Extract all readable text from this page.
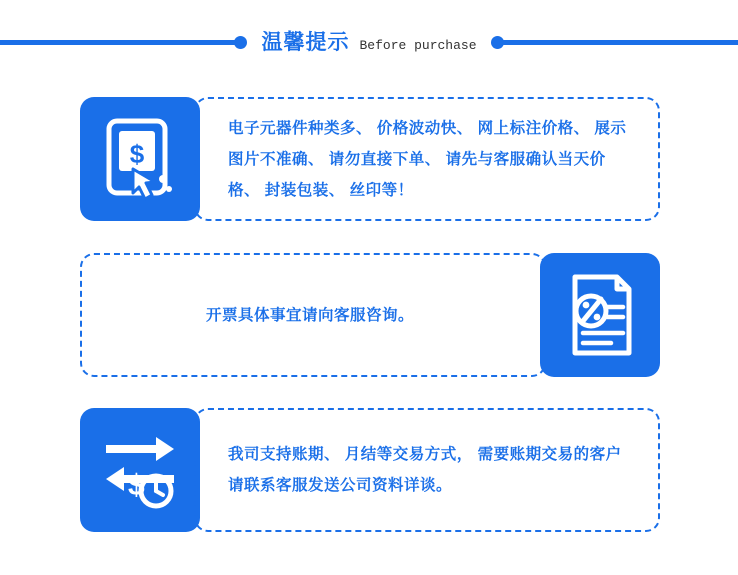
温馨提示 Before purchase
$

电子元器件种类多、 价格波动快、 网上标注价格、 展示图片不准确、 请勿直接下单、 请先与客服确认当天价格、 封装包装、 丝印等！

开票具体事宜请向客服咨询。

$

我司支持账期、 月结等交易方式， 需要账期交易的客户请联系客服发送公司资料详谈。
